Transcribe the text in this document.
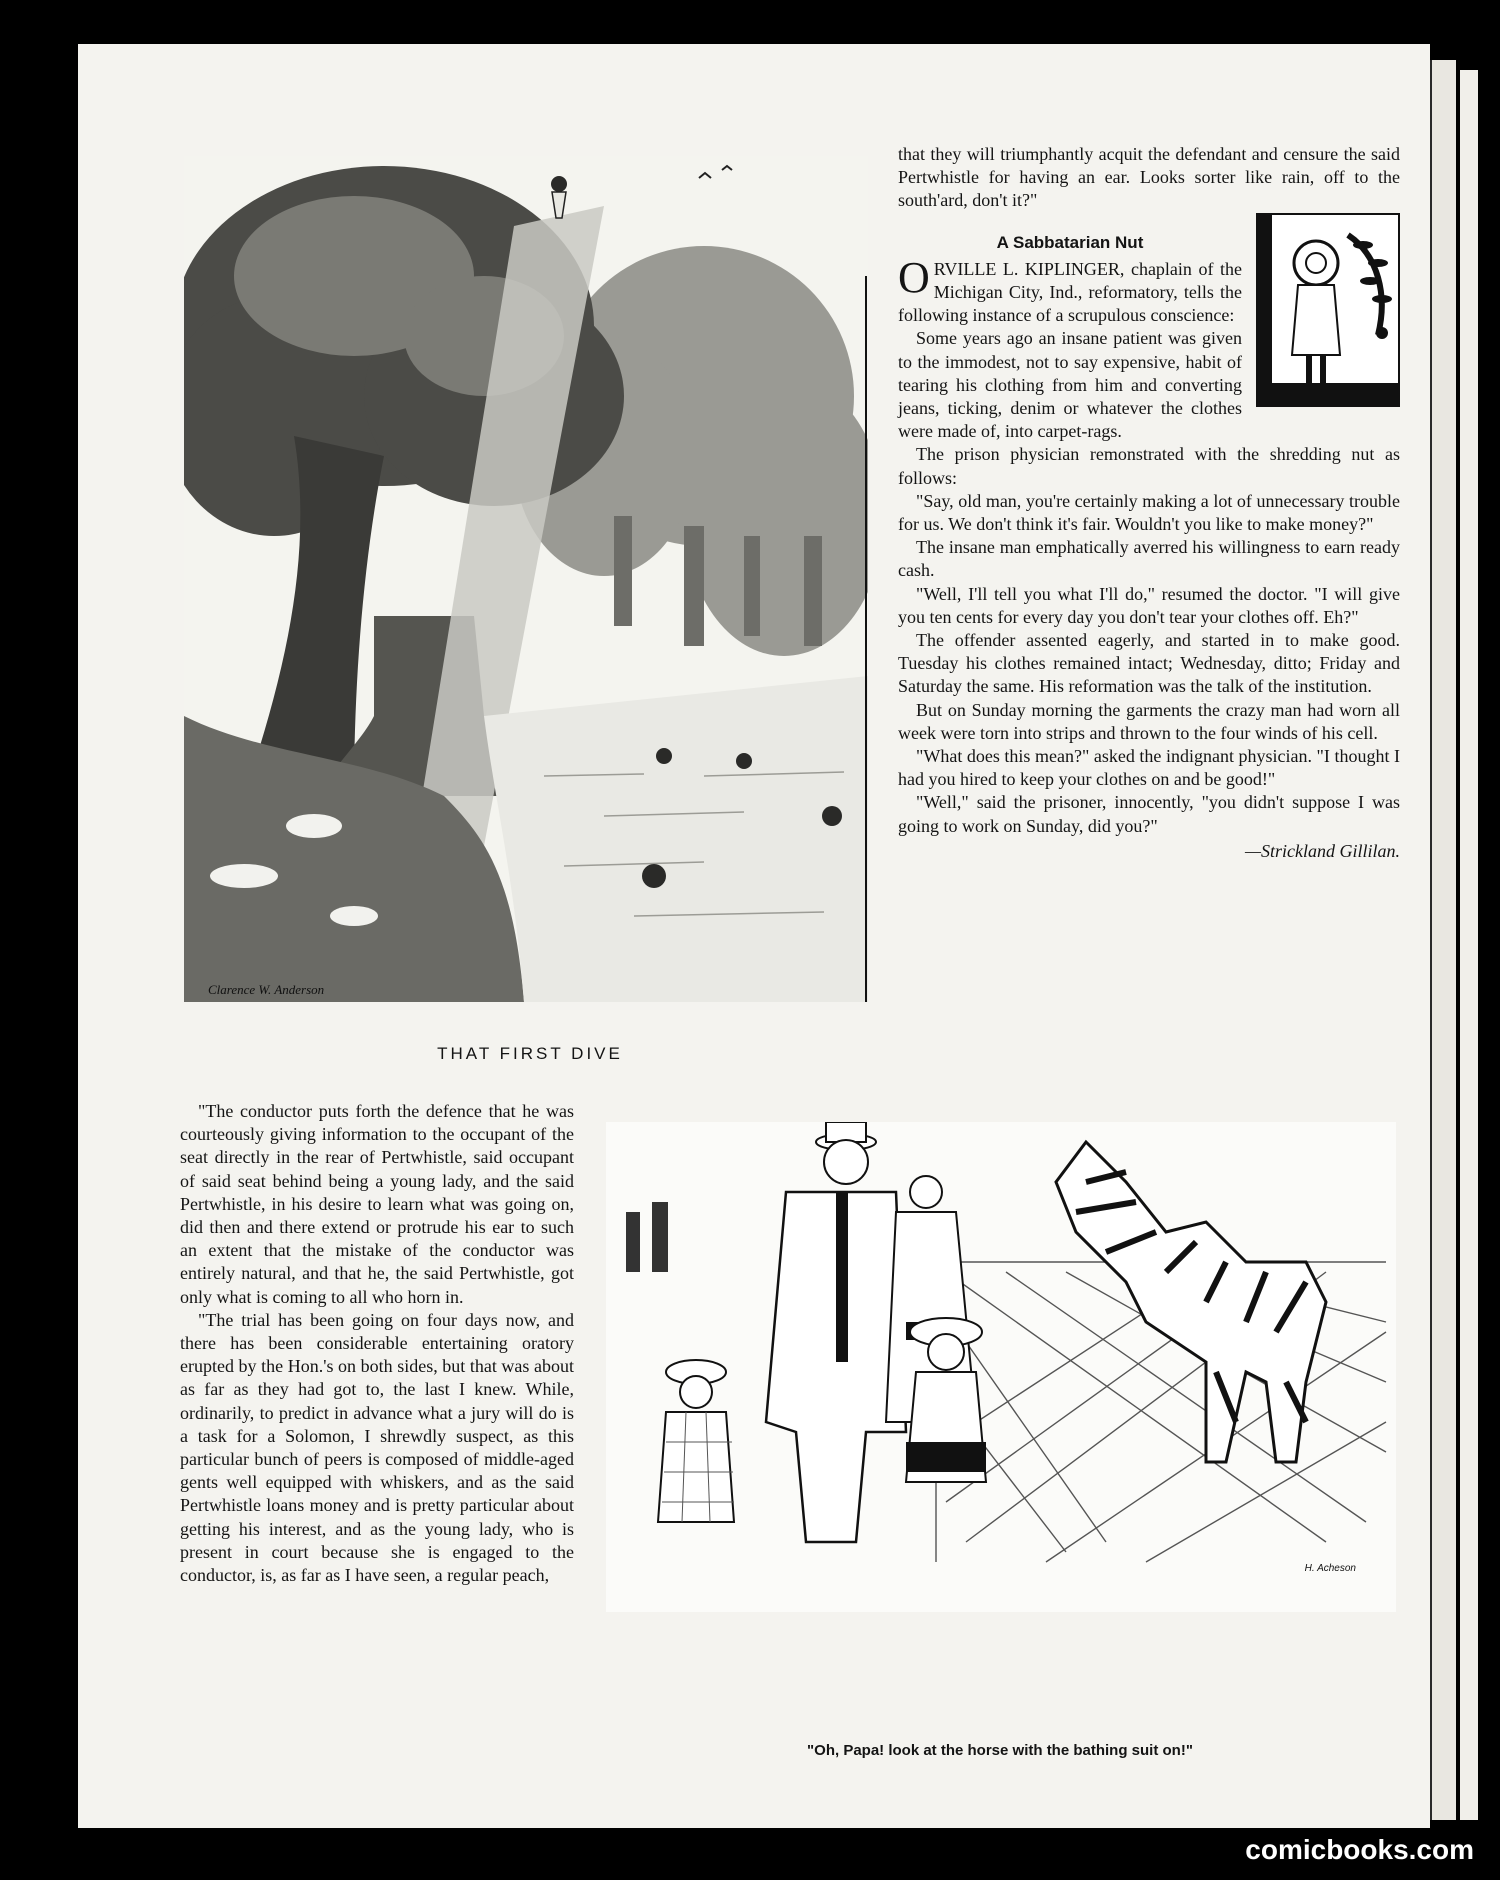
Clarence W. Anderson
THAT FIRST DIVE

that they will triumphantly acquit the defendant and censure the said Pertwhistle for having an ear. Looks sorter like rain, off to the south'ard, don't it?"

A Sabbatarian Nut

ORVILLE L. KIPLINGER, chaplain of the Michigan City, Ind., reformatory, tells the following instance of a scrupulous conscience:

Some years ago an insane patient was given to the immodest, not to say expensive, habit of tearing his clothing from him and converting jeans, ticking, denim or whatever the clothes were made of, into carpet-rags.

The prison physician remonstrated with the shredding nut as follows:

"Say, old man, you're certainly making a lot of unnecessary trouble for us. We don't think it's fair. Wouldn't you like to make money?"

The insane man emphatically averred his willingness to earn ready cash.

"Well, I'll tell you what I'll do," resumed the doctor. "I will give you ten cents for every day you don't tear your clothes off. Eh?"

The offender assented eagerly, and started in to make good. Tuesday his clothes remained intact; Wednesday, ditto; Friday and Saturday the same. His reformation was the talk of the institution.

But on Sunday morning the garments the crazy man had worn all week were torn into strips and thrown to the four winds of his cell.

"What does this mean?" asked the indignant physician. "I thought I had you hired to keep your clothes on and be good!"

"Well," said the prisoner, innocently, "you didn't suppose I was going to work on Sunday, did you?"

—Strickland Gillilan.

"The conductor puts forth the defence that he was courteously giving information to the occupant of the seat directly in the rear of Pertwhistle, said occupant of said seat behind being a young lady, and the said Pertwhistle, in his desire to learn what was going on, did then and there extend or protrude his ear to such an extent that the mistake of the conductor was entirely natural, and that he, the said Pertwhistle, got only what is coming to all who horn in.

"The trial has been going on four days now, and there has been considerable entertaining oratory erupted by the Hon.'s on both sides, but that was about as far as they had got to, the last I knew. While, ordinarily, to predict in advance what a jury will do is a task for a Solomon, I shrewdly suspect, as this particular bunch of peers is composed of middle-aged gents well equipped with whiskers, and as the said Pertwhistle loans money and is pretty particular about getting his interest, and as the young lady, who is present in court because she is engaged to the conductor, is, as far as I have seen, a regular peach,	H. Acheson
"Oh, Papa! look at the horse with the bathing suit on!"
comicbooks.com
